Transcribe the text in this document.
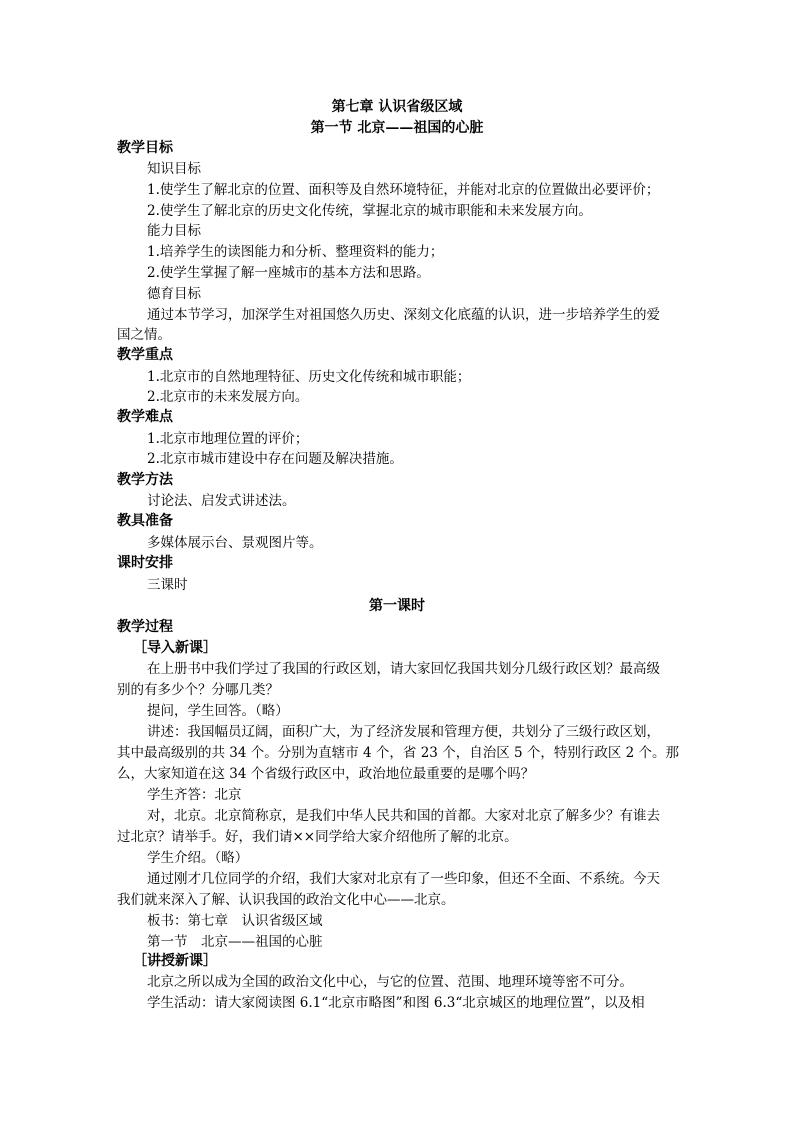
第七章 认识省级区域
第一节 北京——祖国的心脏
教学目标
知识目标
1.使学生了解北京的位置、面积等及自然环境特征，并能对北京的位置做出必要评价；
2.使学生了解北京的历史文化传统，掌握北京的城市职能和未来发展方向。
能力目标
1.培养学生的读图能力和分析、整理资料的能力；
2.使学生掌握了解一座城市的基本方法和思路。
德育目标
通过本节学习，加深学生对祖国悠久历史、深刻文化底蕴的认识，进一步培养学生的爱
国之情。
教学重点
1.北京市的自然地理特征、历史文化传统和城市职能；
2.北京市的未来发展方向。
教学难点
1.北京市地理位置的评价；
2.北京市城市建设中存在问题及解决措施。
教学方法
讨论法、启发式讲述法。
教具准备
多媒体展示台、景观图片等。
课时安排
三课时
第一课时
教学过程
［导入新课］
在上册书中我们学过了我国的行政区划，请大家回忆我国共划分几级行政区划？最高级
别的有多少个？分哪几类？
提问，学生回答。（略）
讲述：我国幅员辽阔，面积广大，为了经济发展和管理方便，共划分了三级行政区划，
其中最高级别的共 34 个。分别为直辖市 4 个，省 23 个，自治区 5 个，特别行政区 2 个。那
么，大家知道在这 34 个省级行政区中，政治地位最重要的是哪个吗？
学生齐答：北京
对，北京。北京简称京，是我们中华人民共和国的首都。大家对北京了解多少？有谁去
过北京？请举手。好，我们请××同学给大家介绍他所了解的北京。
学生介绍。（略）
通过刚才几位同学的介绍，我们大家对北京有了一些印象，但还不全面、不系统。今天
我们就来深入了解、认识我国的政治文化中心——北京。
板书：第七章　认识省级区域
第一节　北京——祖国的心脏
［讲授新课］
北京之所以成为全国的政治文化中心，与它的位置、范围、地理环境等密不可分。
学生活动：请大家阅读图 6.1“北京市略图”和图 6.3“北京城区的地理位置”，以及相
